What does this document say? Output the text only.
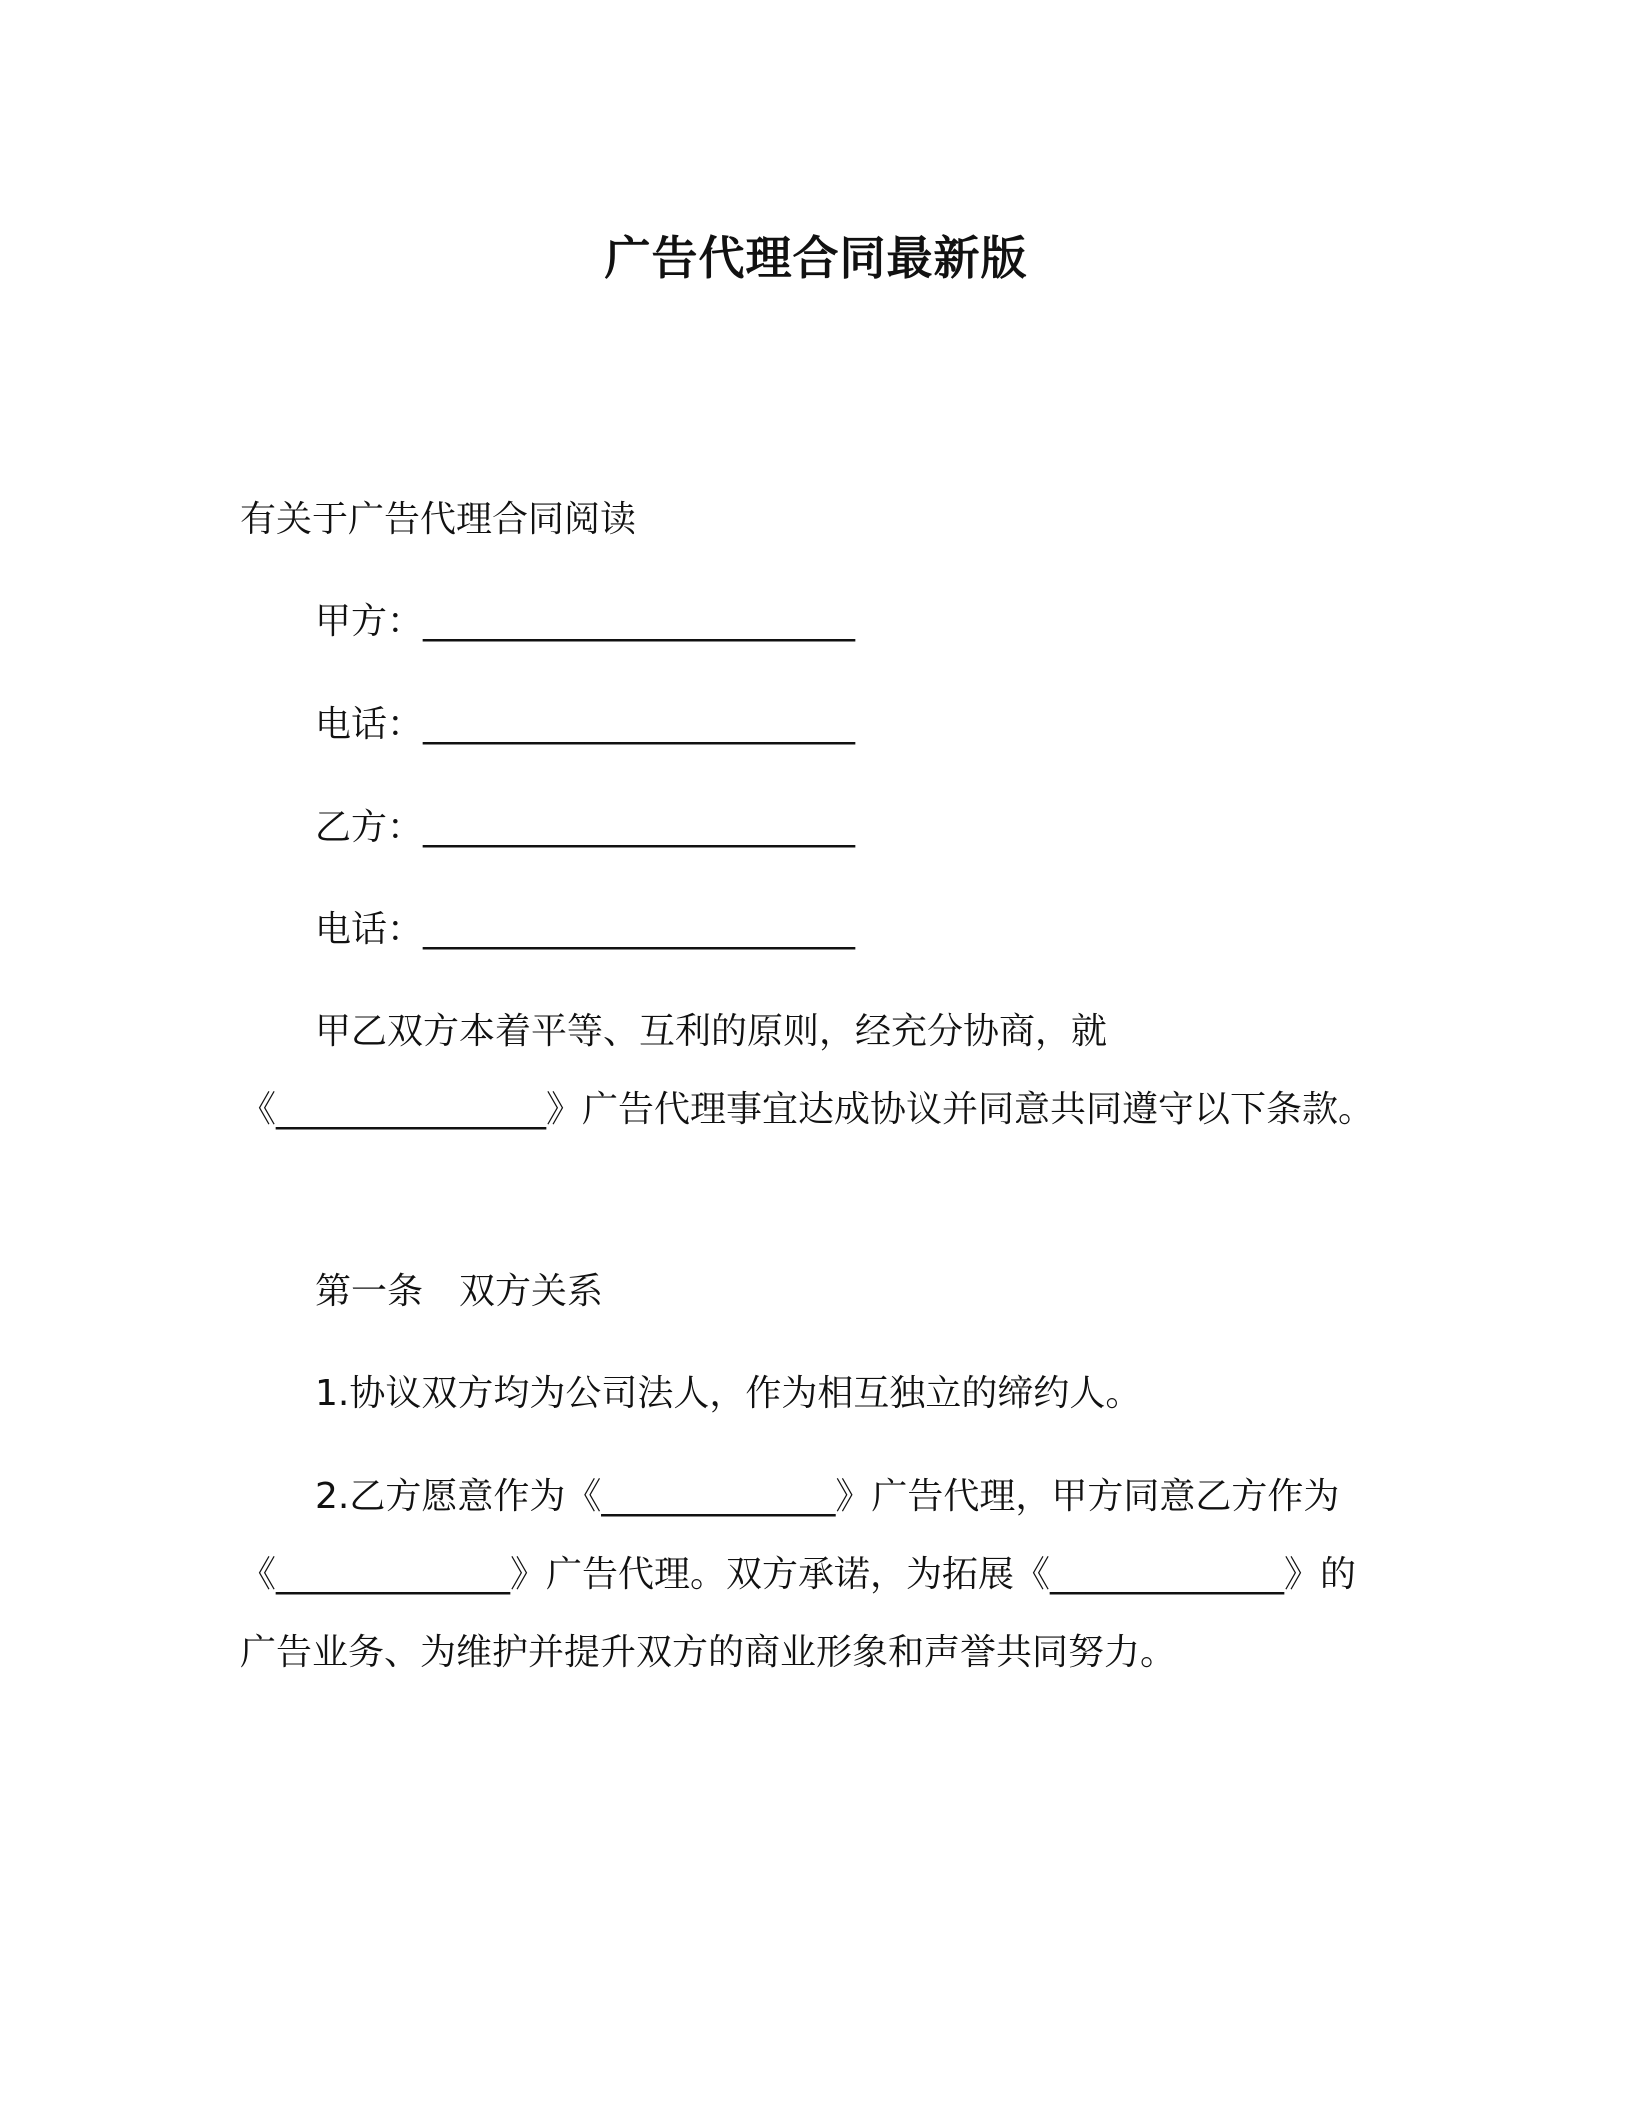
广告代理合同最新版
有关于广告代理合同阅读
甲方：________________________
电话：________________________
乙方：________________________
电话：________________________
甲乙双方本着平等、互利的原则，经充分协商，就《_______________》广告代理事宜达成协议并同意共同遵守以下条款。
第一条　双方关系
1.协议双方均为公司法人，作为相互独立的缔约人。
2.乙方愿意作为《_____________》广告代理，甲方同意乙方作为《_____________》广告代理。双方承诺，为拓展《_____________》的广告业务、为维护并提升双方的商业形象和声誉共同努力。
